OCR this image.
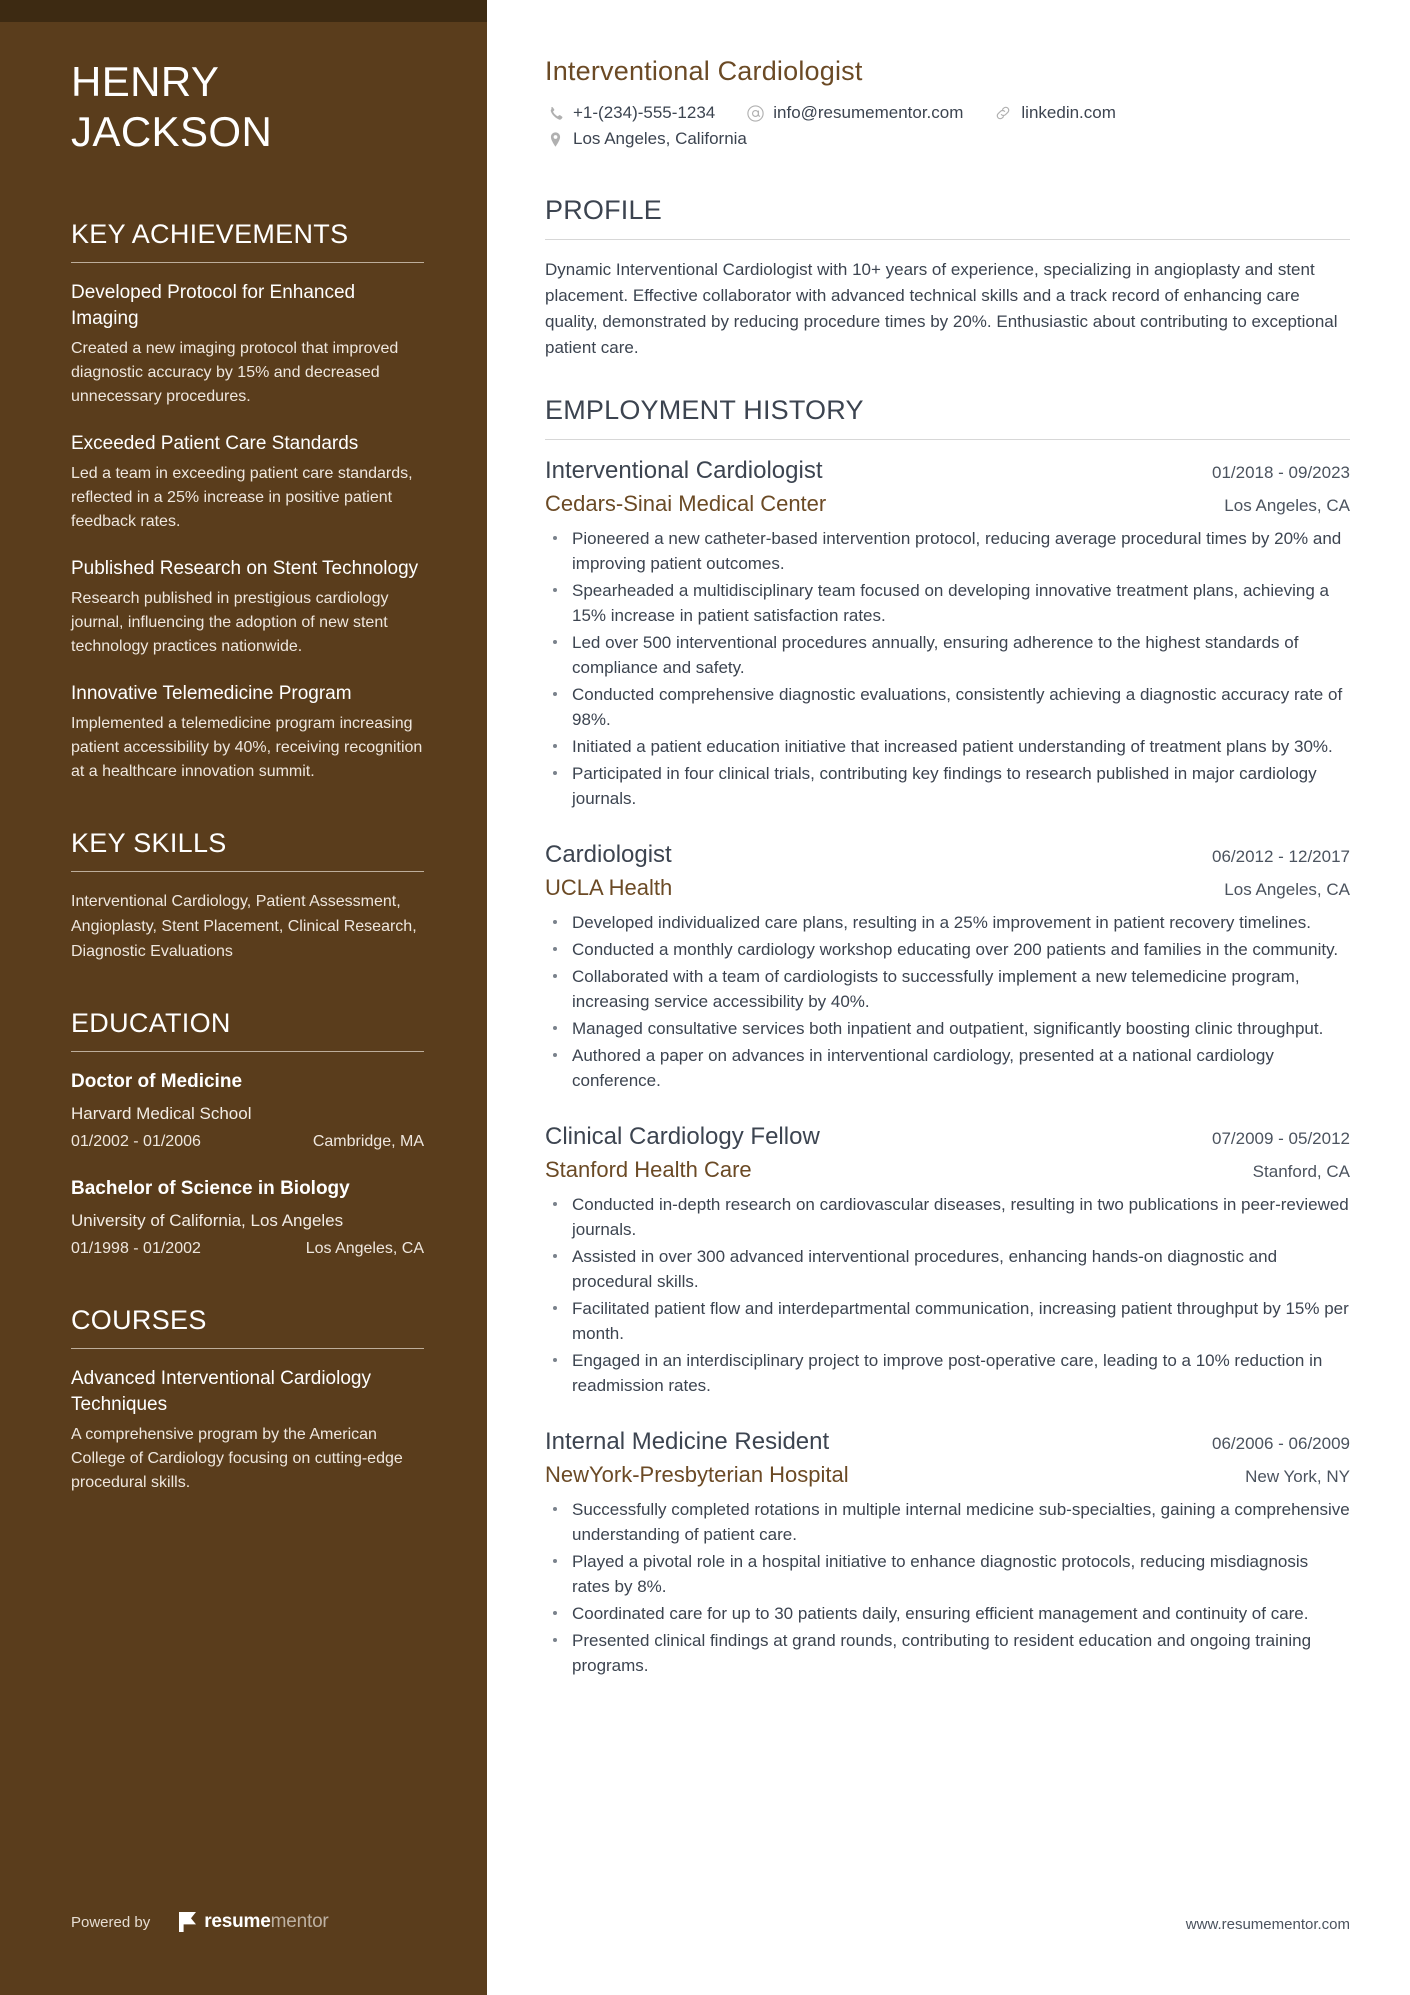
HENRY
JACKSON
KEY ACHIEVEMENTS
Developed Protocol for Enhanced Imaging
Created a new imaging protocol that improved diagnostic accuracy by 15% and decreased unnecessary procedures.
Exceeded Patient Care Standards
Led a team in exceeding patient care standards, reflected in a 25% increase in positive patient feedback rates.
Published Research on Stent Technology
Research published in prestigious cardiology journal, influencing the adoption of new stent technology practices nationwide.
Innovative Telemedicine Program
Implemented a telemedicine program increasing patient accessibility by 40%, receiving recognition at a healthcare innovation summit.
KEY SKILLS
Interventional Cardiology, Patient Assessment, Angioplasty, Stent Placement, Clinical Research, Diagnostic Evaluations
EDUCATION
Doctor of Medicine
Harvard Medical School
01/2002 - 01/2006	Cambridge, MA
Bachelor of Science in Biology
University of California, Los Angeles
01/1998 - 01/2002	Los Angeles, CA
COURSES
Advanced Interventional Cardiology Techniques
A comprehensive program by the American College of Cardiology focusing on cutting-edge procedural skills.
Powered by	resumementor
Interventional Cardiologist
+1-(234)-555-1234	info@resumementor.com	linkedin.com
Los Angeles, California
PROFILE

Dynamic Interventional Cardiologist with 10+ years of experience, specializing in angioplasty and stent placement. Effective collaborator with advanced technical skills and a track record of enhancing care quality, demonstrated by reducing procedure times by 20%. Enthusiastic about contributing to exceptional patient care.

EMPLOYMENT HISTORY
Interventional Cardiologist	01/2018 - 09/2023
Cedars-Sinai Medical Center	Los Angeles, CA
Pioneered a new catheter-based intervention protocol, reducing average procedural times by 20% and improving patient outcomes.
Spearheaded a multidisciplinary team focused on developing innovative treatment plans, achieving a 15% increase in patient satisfaction rates.
Led over 500 interventional procedures annually, ensuring adherence to the highest standards of compliance and safety.
Conducted comprehensive diagnostic evaluations, consistently achieving a diagnostic accuracy rate of 98%.
Initiated a patient education initiative that increased patient understanding of treatment plans by 30%.
Participated in four clinical trials, contributing key findings to research published in major cardiology journals.
Cardiologist	06/2012 - 12/2017
UCLA Health	Los Angeles, CA
Developed individualized care plans, resulting in a 25% improvement in patient recovery timelines.
Conducted a monthly cardiology workshop educating over 200 patients and families in the community.
Collaborated with a team of cardiologists to successfully implement a new telemedicine program, increasing service accessibility by 40%.
Managed consultative services both inpatient and outpatient, significantly boosting clinic throughput.
Authored a paper on advances in interventional cardiology, presented at a national cardiology conference.
Clinical Cardiology Fellow	07/2009 - 05/2012
Stanford Health Care	Stanford, CA
Conducted in-depth research on cardiovascular diseases, resulting in two publications in peer-reviewed journals.
Assisted in over 300 advanced interventional procedures, enhancing hands-on diagnostic and procedural skills.
Facilitated patient flow and interdepartmental communication, increasing patient throughput by 15% per month.
Engaged in an interdisciplinary project to improve post-operative care, leading to a 10% reduction in readmission rates.
Internal Medicine Resident	06/2006 - 06/2009
NewYork-Presbyterian Hospital	New York, NY
Successfully completed rotations in multiple internal medicine sub-specialties, gaining a comprehensive understanding of patient care.
Played a pivotal role in a hospital initiative to enhance diagnostic protocols, reducing misdiagnosis rates by 8%.
Coordinated care for up to 30 patients daily, ensuring efficient management and continuity of care.
Presented clinical findings at grand rounds, contributing to resident education and ongoing training programs.
www.resumementor.com
